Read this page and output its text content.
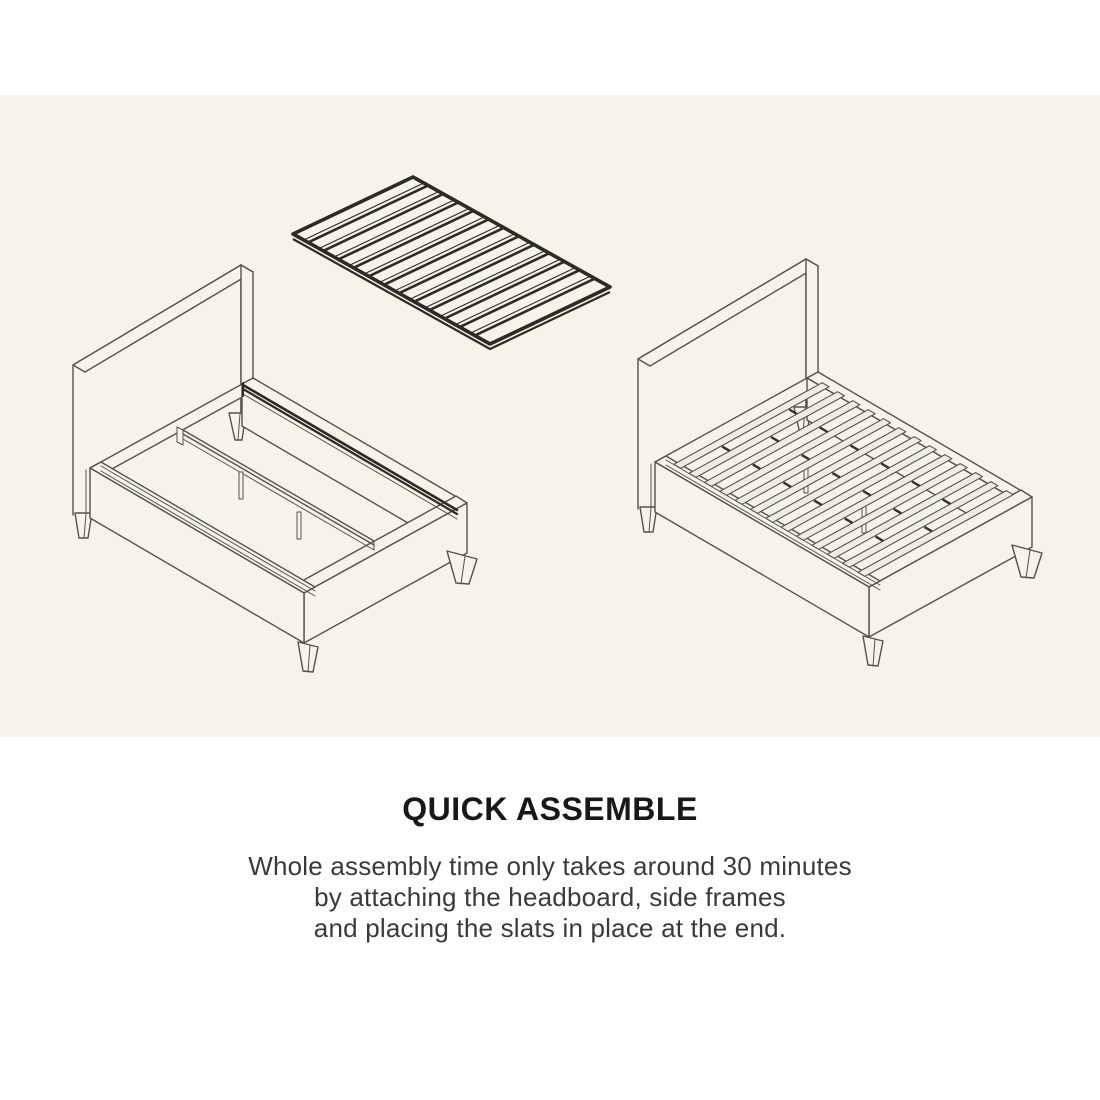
QUICK ASSEMBLE

Whole assembly time only takes around 30 minutes

by attaching the headboard, side frames

and placing the slats in place at the end.
